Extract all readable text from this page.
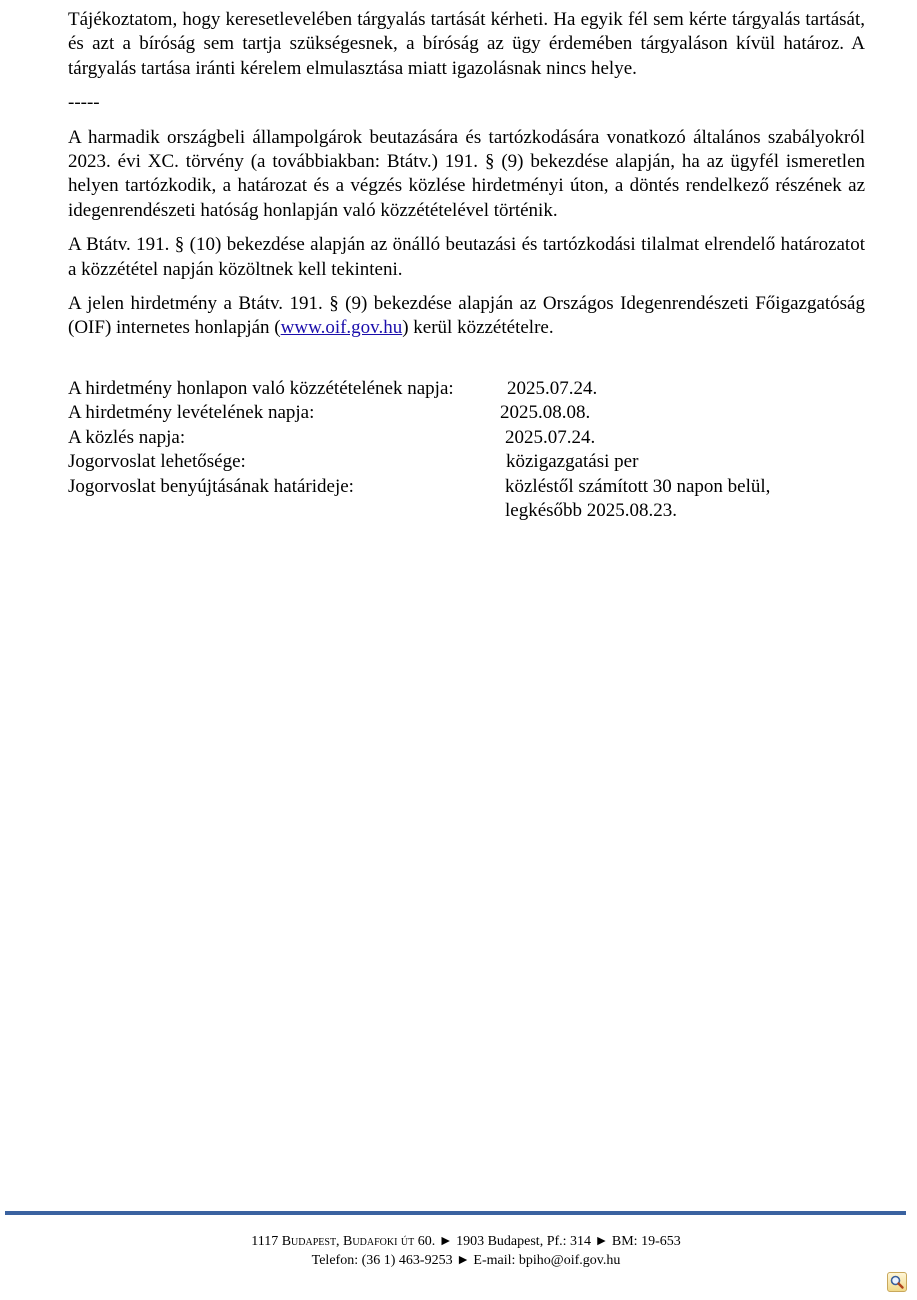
Tájékoztatom, hogy keresetlevelében tárgyalás tartását kérheti. Ha egyik fél sem kérte tárgyalás tartását, és azt a bíróság sem tartja szükségesnek, a bíróság az ügy érdemében tárgyaláson kívül határoz. A tárgyalás tartása iránti kérelem elmulasztása miatt igazolásnak nincs helye.

-----

A harmadik országbeli állampolgárok beutazására és tartózkodására vonatkozó általános szabályokról 2023. évi XC. törvény (a továbbiakban: Btátv.) 191. § (9) bekezdése alapján, ha az ügyfél ismeretlen helyen tartózkodik, a határozat és a végzés közlése hirdetményi úton, a döntés rendelkező részének az idegenrendészeti hatóság honlapján való közzétételével történik.

A Btátv. 191. § (10) bekezdése alapján az önálló beutazási és tartózkodási tilalmat elrendelő határozatot a közzététel napján közöltnek kell tekinteni.

A jelen hirdetmény a Btátv. 191. § (9) bekezdése alapján az Országos Idegenrendészeti Főigazgatóság (OIF) internetes honlapján (www.oif.gov.hu) kerül közzétételre.

A hirdetmény honlapon való közzétételének napja:	2025.07.24.
A hirdetmény levételének napja:	2025.08.08.
A közlés napja:	2025.07.24.
Jogorvoslat lehetősége:	közigazgatási per
Jogorvoslat benyújtásának határideje:	közléstől számított 30 napon belül,
legkésőbb 2025.08.23.
1117 Budapest, Budafoki út 60. ► 1903 Budapest, Pf.: 314 ► BM: 19-653
Telefon: (36 1) 463-9253 ► E-mail: bpiho@oif.gov.hu
